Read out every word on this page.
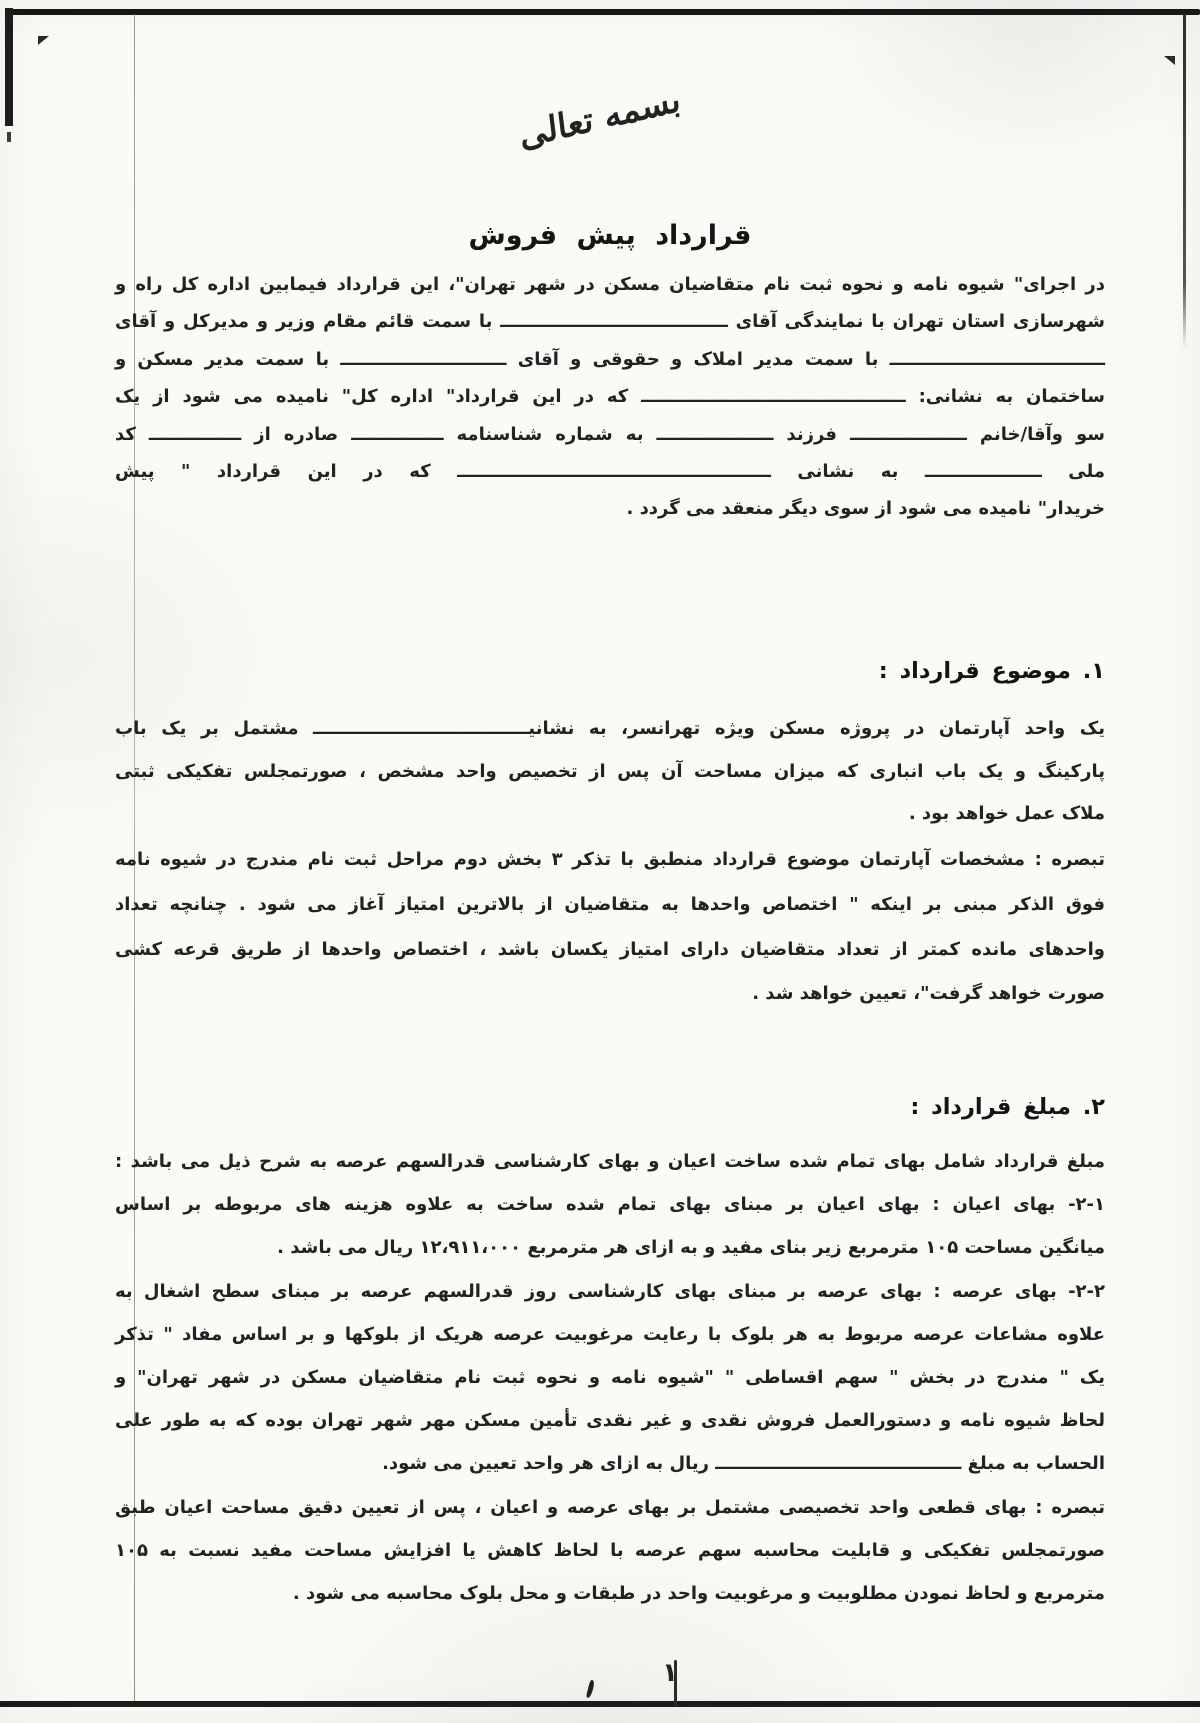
بسمه تعالی
قرارداد پیش فروش
در اجرای" شیوه نامه و نحوه ثبت نام متقاضیان مسکن در شهر تهران"، این قرارداد فیمابین اداره کل راه و
شهرسازی استان تهران با نمایندگی آقای ـــــــــــــــــــــــــــــــــــــ با سمت قائم مقام وزیر و مدیرکل و آقای
ـــــــــــــــــــــــــــــــــــ با سمت مدیر املاک و حقوقی و آقای ـــــــــــــــــــــــــــ با سمت مدیر مسکن و
ساختمان به نشانی: ـــــــــــــــــــــــــــــــــــــــــــ که در این قرارداد" اداره کل" نامیده می شود از یک
سو وآقا/خانم ـــــــــــــــــــ فرزند ـــــــــــــــــــ به شماره شناسنامه ـــــــــــــــ صادره از ـــــــــــــــ کد
ملی ـــــــــــــــــــ به نشانی ـــــــــــــــــــــــــــــــــــــــــــــــــــ که در این قرارداد " پیش
خریدار" نامیده می شود از سوی دیگر منعقد می گردد .
۱. موضوع قرارداد :
یک واحد آپارتمان در پروژه مسکن ویژه تهرانسر، به نشانیـــــــــــــــــــــــــــــــــــ مشتمل بر یک باب
پارکینگ و یک باب انباری که میزان مساحت آن پس از تخصیص واحد مشخص ، صورتمجلس تفکیکی ثبتی
ملاک عمل خواهد بود .
تبصره : مشخصات آپارتمان موضوع قرارداد منطبق با تذکر ۳ بخش دوم مراحل ثبت نام مندرج در شیوه نامه
فوق الذکر مبنی بر اینکه " اختصاص واحدها به متقاضیان از بالاترین امتیاز آغاز می شود . چنانچه تعداد
واحدهای مانده کمتر از تعداد متقاضیان دارای امتیاز یکسان باشد ، اختصاص واحدها از طریق قرعه کشی
صورت خواهد گرفت"، تعیین خواهد شد .
۲. مبلغ قرارداد :
مبلغ قرارداد شامل بهای تمام شده ساخت اعیان و بهای کارشناسی قدرالسهم عرصه به شرح ذیل می باشد :
۲-۱- بهای اعیان : بهای اعیان بر مبنای بهای تمام شده ساخت به علاوه هزینه های مربوطه بر اساس
میانگین مساحت ۱۰۵ مترمربع زیر بنای مفید و به ازای هر مترمربع ۱۲،۹۱۱،۰۰۰ ریال می باشد .
۲-۲- بهای عرصه : بهای عرصه بر مبنای بهای کارشناسی روز قدرالسهم عرصه بر مبنای سطح اشغال به
علاوه مشاعات عرصه مربوط به هر بلوک با رعایت مرغوبیت عرصه هریک از بلوکها و بر اساس مفاد " تذکر
یک " مندرج در بخش " سهم اقساطی " "شیوه نامه و نحوه ثبت نام متقاضیان مسکن در شهر تهران" و
لحاظ شیوه نامه و دستورالعمل فروش نقدی و غیر نقدی تأمین مسکن مهر شهر تهران بوده که به طور علی
الحساب به مبلغ ــــــــــــــــــــــــــــــــــــــــ ریال به ازای هر واحد تعیین می شود.
تبصره : بهای قطعی واحد تخصیصی مشتمل بر بهای عرصه و اعیان ، پس از تعیین دقیق مساحت اعیان طبق
صورتمجلس تفکیکی و قابلیت محاسبه سهم عرصه با لحاظ کاهش یا افزایش مساحت مفید نسبت به ۱۰۵
مترمربع و لحاظ نمودن مطلوبیت و مرغوبیت واحد در طبقات و محل بلوک محاسبه می شود .
۱
